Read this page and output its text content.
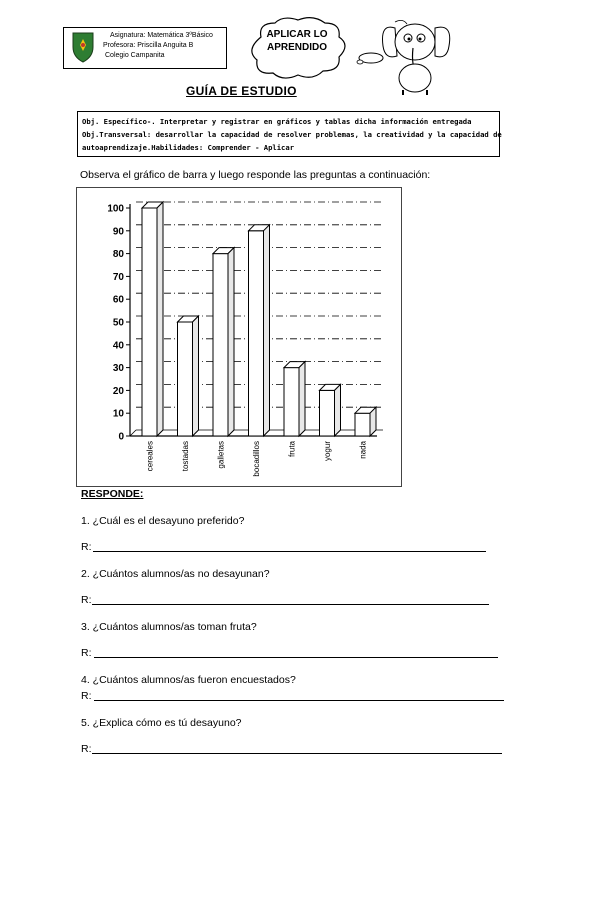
Asignatura: Matemática 3ºBásico
Profesora: Priscilla Anguita B
Colegio Campanita
APLICAR LO
APRENDIDO
GUÍA DE ESTUDIO
Obj. Específico-. Interpretar y registrar en gráficos y tablas dicha información entregada
Obj.Transversal: desarrollar la capacidad de resolver problemas, la creatividad y la capacidad de
autoaprendizaje.Habilidades: Comprender - Aplicar
Observa el gráfico de barra y luego responde las preguntas a continuación:
0
10
20
30
40
50
60
70
80
90
100
cereales	tostadas	galletas	bocadillos	fruta	yogur	nada
RESPONDE:
1. ¿Cuál es el desayuno preferido?
R:
2. ¿Cuántos alumnos/as no desayunan?
R:
3. ¿Cuántos alumnos/as toman fruta?
R:
4. ¿Cuántos alumnos/as fueron encuestados?
R:
5. ¿Explica cómo es tú desayuno?
R:
